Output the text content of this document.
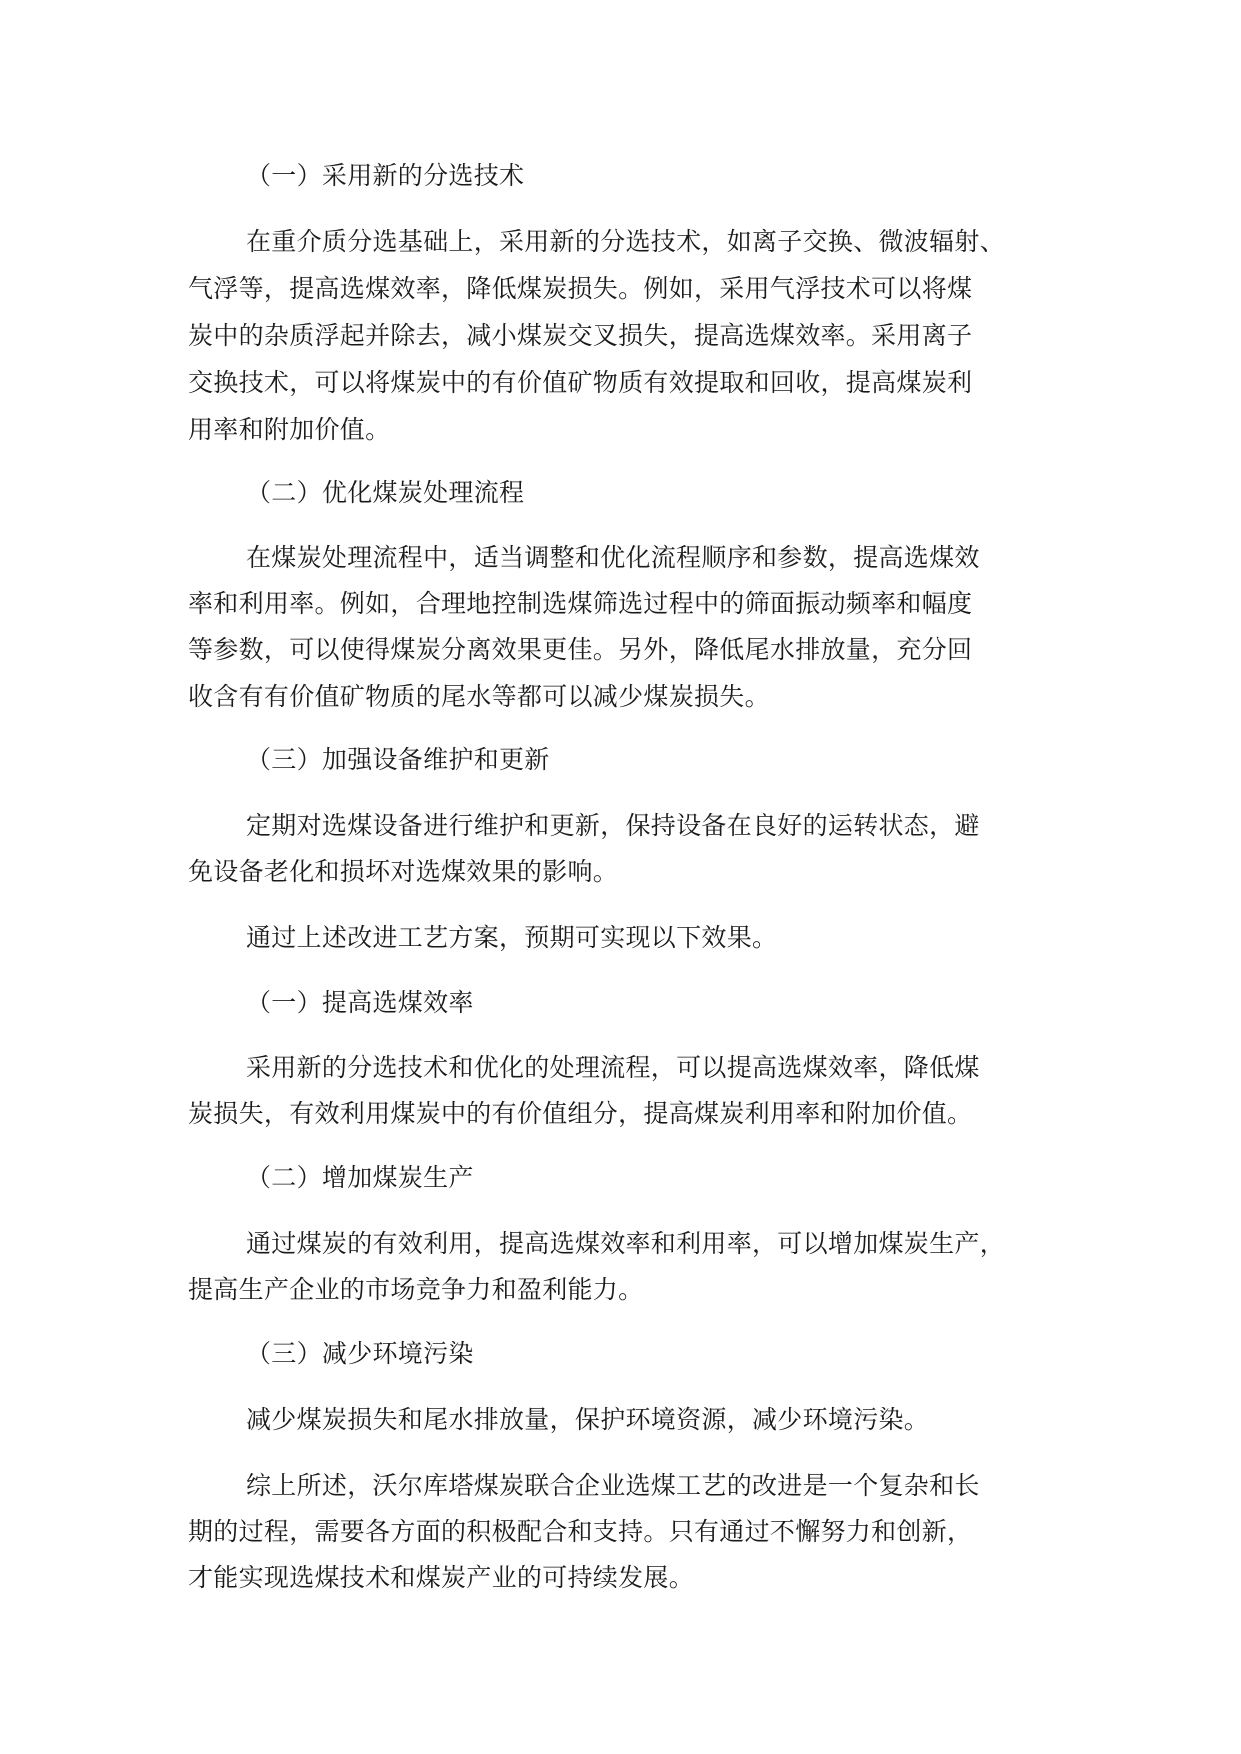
（一）采用新的分选技术
在重介质分选基础上，采用新的分选技术，如离子交换、微波辐射、
气浮等，提高选煤效率，降低煤炭损失。例如，采用气浮技术可以将煤
炭中的杂质浮起并除去，减小煤炭交叉损失，提高选煤效率。采用离子
交换技术，可以将煤炭中的有价值矿物质有效提取和回收，提高煤炭利
用率和附加价值。
（二）优化煤炭处理流程
在煤炭处理流程中，适当调整和优化流程顺序和参数，提高选煤效
率和利用率。例如，合理地控制选煤筛选过程中的筛面振动频率和幅度
等参数，可以使得煤炭分离效果更佳。另外，降低尾水排放量，充分回
收含有有价值矿物质的尾水等都可以减少煤炭损失。
（三）加强设备维护和更新
定期对选煤设备进行维护和更新，保持设备在良好的运转状态，避
免设备老化和损坏对选煤效果的影响。
通过上述改进工艺方案，预期可实现以下效果。
（一）提高选煤效率
采用新的分选技术和优化的处理流程，可以提高选煤效率，降低煤
炭损失，有效利用煤炭中的有价值组分，提高煤炭利用率和附加价值。
（二）增加煤炭生产
通过煤炭的有效利用，提高选煤效率和利用率，可以增加煤炭生产，
提高生产企业的市场竞争力和盈利能力。
（三）减少环境污染
减少煤炭损失和尾水排放量，保护环境资源，减少环境污染。
综上所述，沃尔库塔煤炭联合企业选煤工艺的改进是一个复杂和长
期的过程，需要各方面的积极配合和支持。只有通过不懈努力和创新，
才能实现选煤技术和煤炭产业的可持续发展。
